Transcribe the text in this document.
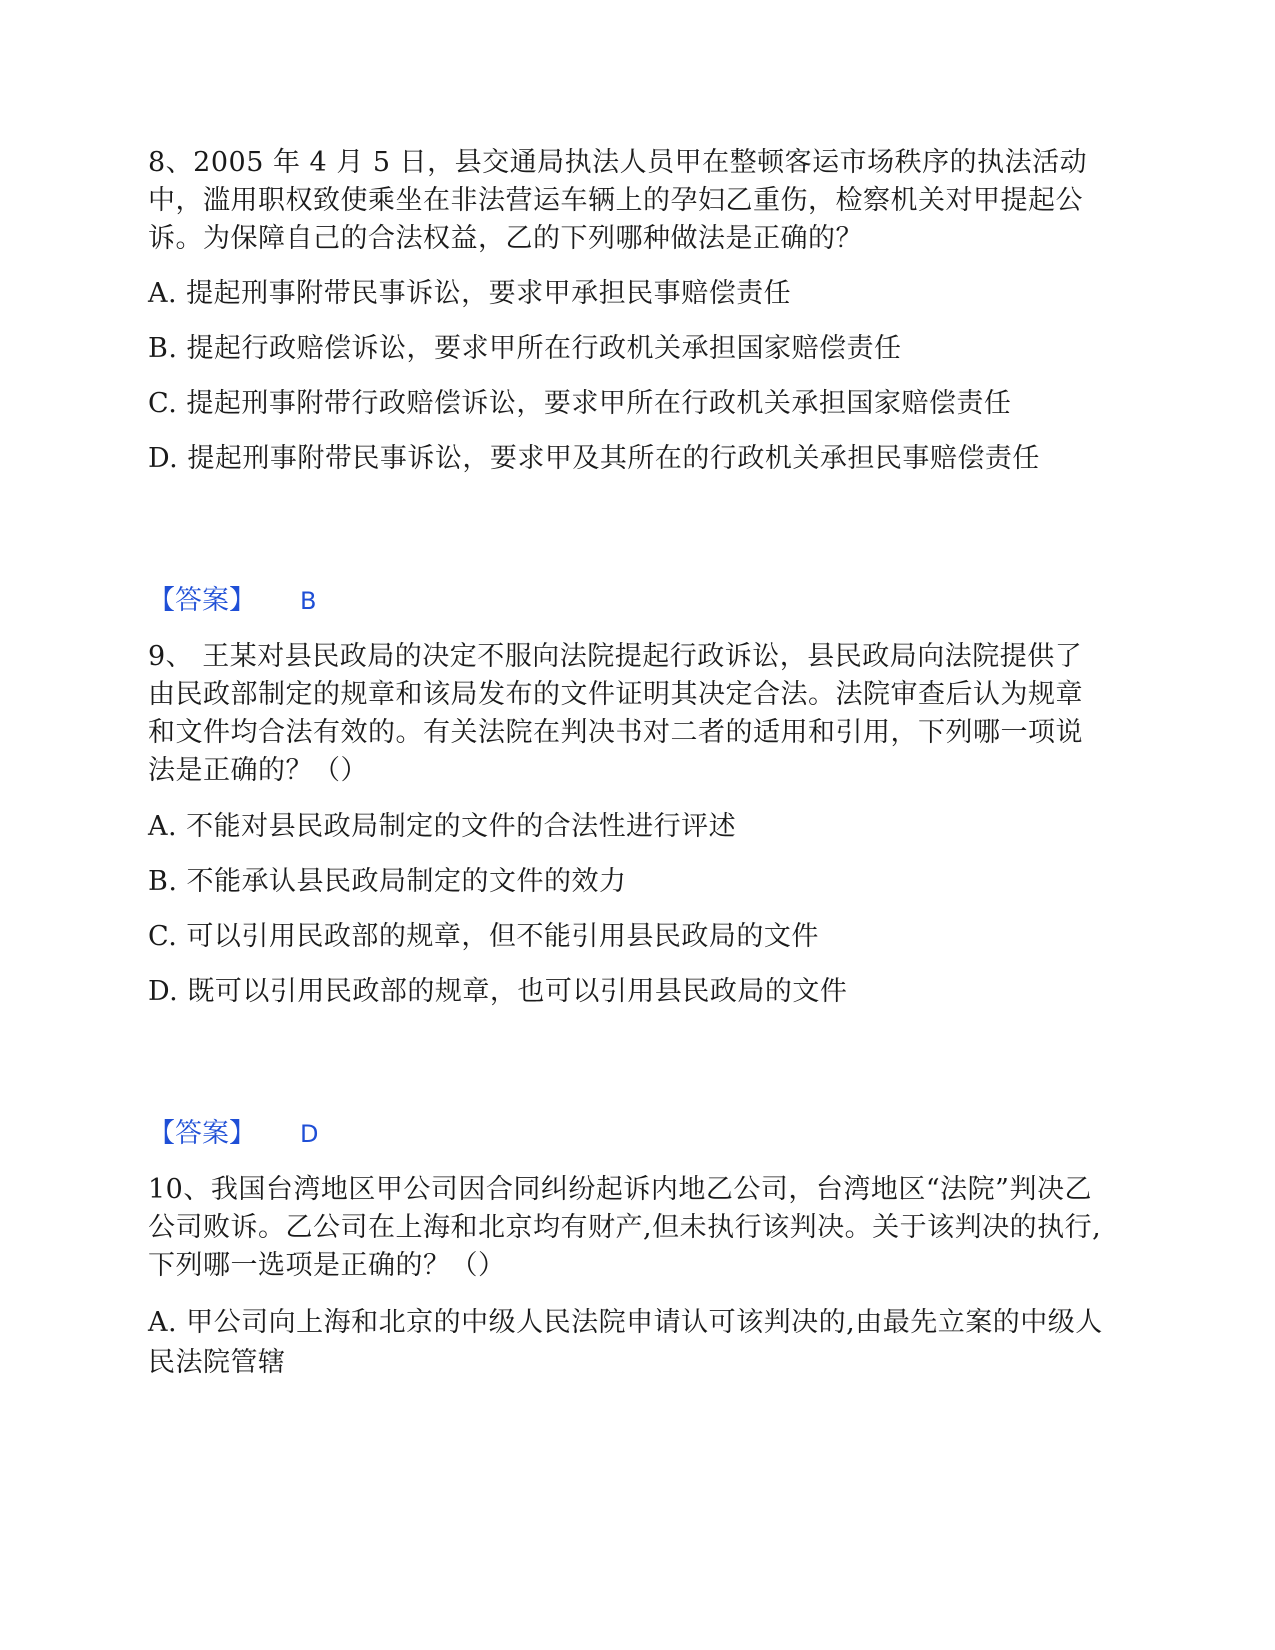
8、2005 年 4 月 5 日，县交通局执法人员甲在整顿客运市场秩序的执法活动中，滥用职权致使乘坐在非法营运车辆上的孕妇乙重伤，检察机关对甲提起公诉。为保障自己的合法权益，乙的下列哪种做法是正确的？

A. 提起刑事附带民事诉讼，要求甲承担民事赔偿责任

B. 提起行政赔偿诉讼，要求甲所在行政机关承担国家赔偿责任

C. 提起刑事附带行政赔偿诉讼，要求甲所在行政机关承担国家赔偿责任

D. 提起刑事附带民事诉讼，要求甲及其所在的行政机关承担民事赔偿责任

【答案】 B

9、 王某对县民政局的决定不服向法院提起行政诉讼，县民政局向法院提供了由民政部制定的规章和该局发布的文件证明其决定合法。法院审查后认为规章和文件均合法有效的。有关法院在判决书对二者的适用和引用，下列哪一项说法是正确的？（）

A. 不能对县民政局制定的文件的合法性进行评述

B. 不能承认县民政局制定的文件的效力

C. 可以引用民政部的规章，但不能引用县民政局的文件

D. 既可以引用民政部的规章，也可以引用县民政局的文件

【答案】 D

10、我国台湾地区甲公司因合同纠纷起诉内地乙公司，台湾地区“法院”判决乙公司败诉。乙公司在上海和北京均有财产,但未执行该判决。关于该判决的执行,下列哪一选项是正确的？（）

A. 甲公司向上海和北京的中级人民法院申请认可该判决的,由最先立案的中级人民法院管辖
